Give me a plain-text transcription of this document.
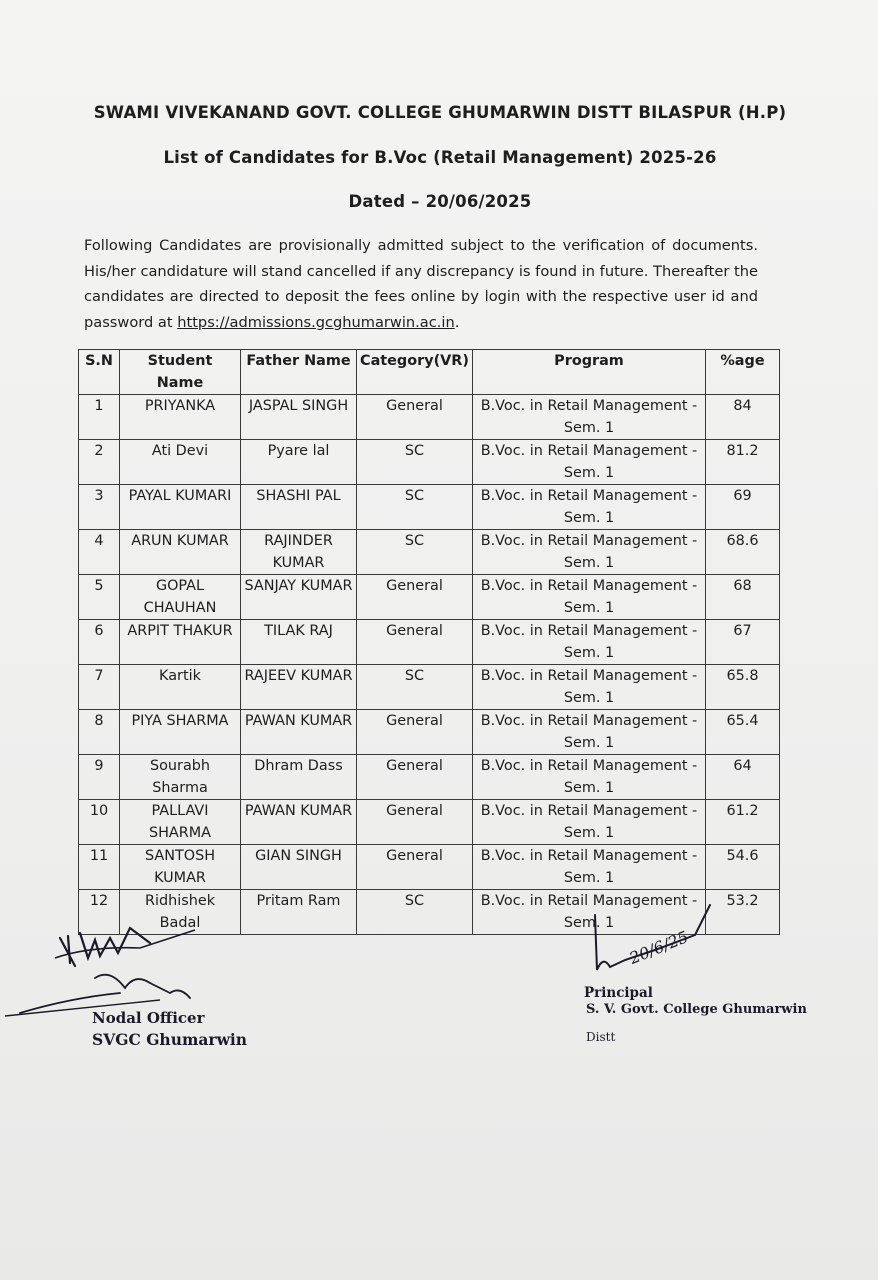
SWAMI VIVEKANAND GOVT. COLLEGE GHUMARWIN DISTT BILASPUR (H.P)
List of Candidates for B.Voc (Retail Management) 2025-26
Dated – 20/06/2025

Following Candidates are provisionally admitted subject to the verification of documents. His/her candidature will stand cancelled if any discrepancy is found in future. Thereafter the candidates are directed to deposit the fees online by login with the respective user id and password at https://admissions.gcghumarwin.ac.in.

S.N	Student Name	Father Name	Category(VR)	Program	%age
1	PRIYANKA	JASPAL SINGH	General	B.Voc. in Retail Management - Sem. 1	84
2	Ati Devi	Pyare lal	SC	B.Voc. in Retail Management - Sem. 1	81.2
3	PAYAL KUMARI	SHASHI PAL	SC	B.Voc. in Retail Management - Sem. 1	69
4	ARUN KUMAR	RAJINDER KUMAR	SC	B.Voc. in Retail Management - Sem. 1	68.6
5	GOPAL CHAUHAN	SANJAY KUMAR	General	B.Voc. in Retail Management - Sem. 1	68
6	ARPIT THAKUR	TILAK RAJ	General	B.Voc. in Retail Management - Sem. 1	67
7	Kartik	RAJEEV KUMAR	SC	B.Voc. in Retail Management - Sem. 1	65.8
8	PIYA SHARMA	PAWAN KUMAR	General	B.Voc. in Retail Management - Sem. 1	65.4
9	Sourabh Sharma	Dhram Dass	General	B.Voc. in Retail Management - Sem. 1	64
10	PALLAVI SHARMA	PAWAN KUMAR	General	B.Voc. in Retail Management - Sem. 1	61.2
11	SANTOSH KUMAR	GIAN SINGH	General	B.Voc. in Retail Management - Sem. 1	54.6
12	Ridhishek Badal	Pritam Ram	SC	B.Voc. in Retail Management - Sem. 1	53.2
Nodal Officer
SVGC Ghumarwin
20/6/25
Principal
S. V. Govt. College Ghumarwin
Distt
